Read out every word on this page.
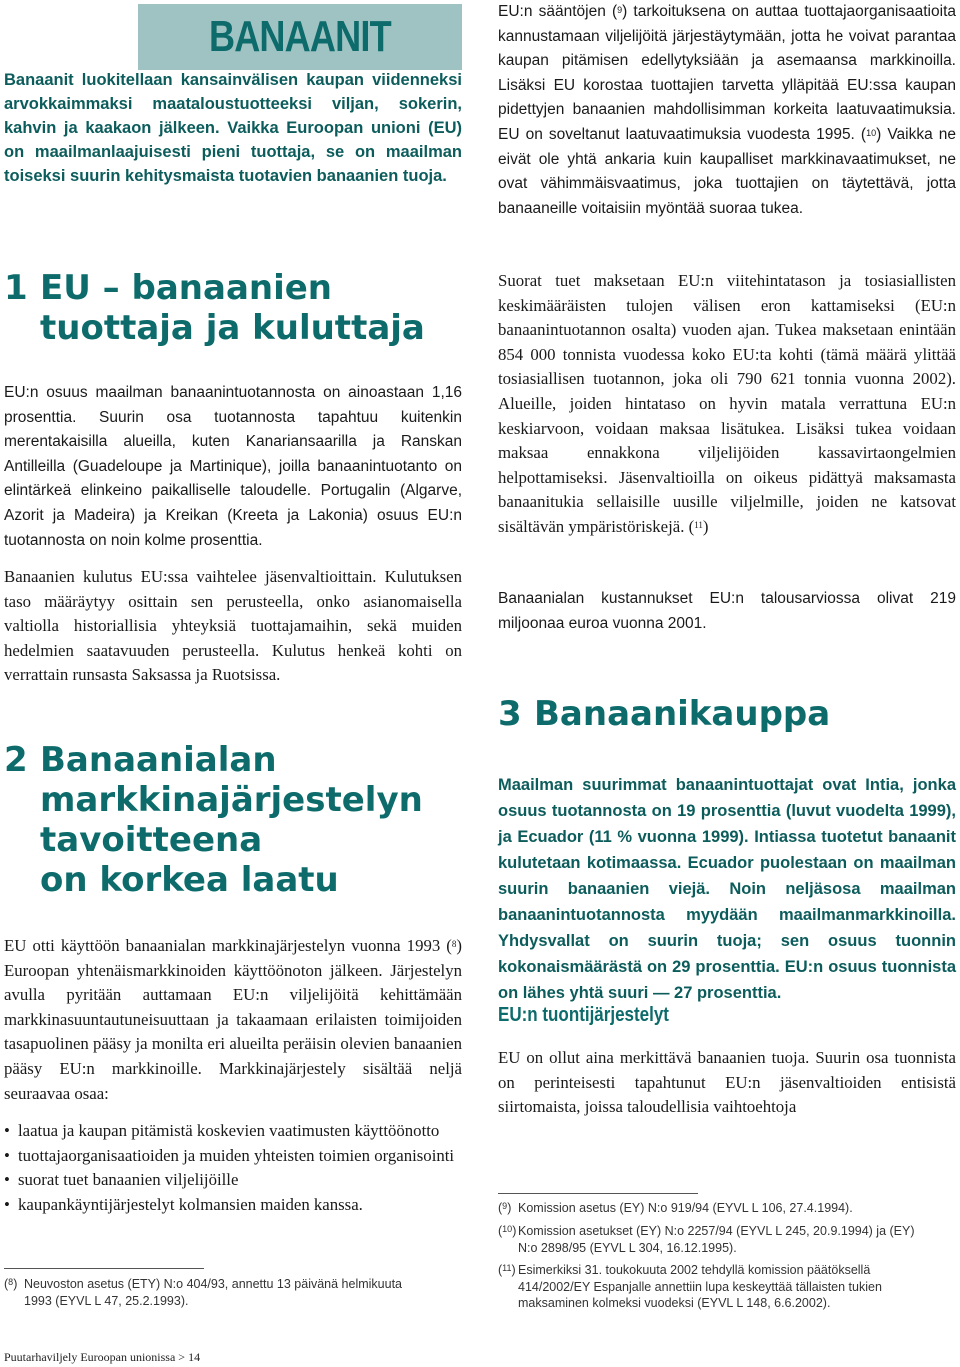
BANAANIT
Banaanit luokitellaan kansainvälisen kaupan viidenneksi arvokkaimmaksi maataloustuotteeksi viljan, sokerin, kahvin ja kaakaon jälkeen. Vaikka Euroopan unioni (EU) on maailmanlaajuisesti pieni tuottaja, se on maailman toiseksi suurin kehitysmaista tuotavien banaanien tuoja.
1 EU – banaanien
tuottaja ja kuluttaja
EU:n osuus maailman banaanintuotannosta on ainoastaan 1,16 prosenttia. Suurin osa tuotannosta tapahtuu kuitenkin merentakaisilla alueilla, kuten Kanariansaarilla ja Ranskan Antilleilla (Guadeloupe ja Martinique), joilla banaanintuotanto on elintärkeä elinkeino paikalliselle taloudelle. Portugalin (Algarve, Azorit ja Madeira) ja Kreikan (Kreeta ja Lakonia) osuus EU:n tuotannosta on noin kolme prosenttia.
Banaanien kulutus EU:ssa vaihtelee jäsenvaltioittain. Kulutuksen taso määräytyy osittain sen perusteella, onko asianomaisella valtiolla historiallisia yhteyksiä tuottajamaihin, sekä muiden hedelmien saatavuuden perusteella. Kulutus henkeä kohti on verrattain runsasta Saksassa ja Ruotsissa.
2 Banaanialan
markkinajärjestelyn
tavoitteena
on korkea laatu
EU otti käyttöön banaanialan markkinajärjestelyn vuonna 1993 ($^8$) Euroopan yhtenäismarkkinoiden käyttöönoton jälkeen. Järjestelyn avulla pyritään auttamaan EU:n viljelijöitä kehittämään markkinasuuntautuneisuuttaan ja takaamaan erilaisten toimijoiden tasapuolinen pääsy ja monilta eri alueilta peräisin olevien banaanien pääsy EU:n markkinoille. Markkinajärjestely sisältää neljä seuraavaa osaa:
• laatua ja kaupan pitämistä koskevien vaatimusten käyttöönotto
• tuottajaorganisaatioiden ja muiden yhteisten toimien organisointi
• suorat tuet banaanien viljelijöille
• kaupankäyntijärjestelyt kolmansien maiden kanssa.
($^8$) Neuvoston asetus (ETY) N:o 404/93, annettu 13 päivänä helmikuuta
1993 (EYVL L 47, 25.2.1993).
EU:n sääntöjen ($^9$) tarkoituksena on auttaa tuottajaorganisaatioita kannustamaan viljelijöitä järjestäytymään, jotta he voivat parantaa kaupan pitämisen edellytyksiään ja asemaansa markkinoilla. Lisäksi EU korostaa tuottajien tarvetta ylläpitää EU:ssa kaupan pidettyjen banaanien mahdollisimman korkeita laatuvaatimuksia. EU on soveltanut laatuvaatimuksia vuodesta 1995. ($^{10}$) Vaikka ne eivät ole yhtä ankaria kuin kaupalliset markkinavaatimukset, ne ovat vähimmäisvaatimus, joka tuottajien on täytettävä, jotta banaaneille voitaisiin myöntää suoraa tukea.
Suorat tuet maksetaan EU:n viitehintatason ja tosiasiallisten keskimääräisten tulojen välisen eron kattamiseksi (EU:n banaanintuotannon osalta) vuoden ajan. Tukea maksetaan enintään 854 000 tonnista vuodessa koko EU:ta kohti (tämä määrä ylittää tosiasiallisen tuotannon, joka oli 790 621 tonnia vuonna 2002). Alueille, joiden hintataso on hyvin matala verrattuna EU:n keskiarvoon, voidaan maksaa lisätukea. Lisäksi tukea voidaan maksaa ennakkona viljelijöiden kassavirtaongelmien helpottamiseksi. Jäsenvaltioilla on oikeus pidättyä maksamasta banaanitukia sellaisille uusille viljelmille, joiden ne katsovat sisältävän ympäristöriskejä. ($^{11}$)
Banaanialan kustannukset EU:n talousarviossa olivat 219 miljoonaa euroa vuonna 2001.
3 Banaanikauppa
Maailman suurimmat banaanintuottajat ovat Intia, jonka osuus tuotannosta on 19 prosenttia (luvut vuodelta 1999), ja Ecuador (11 % vuonna 1999). Intiassa tuotetut banaanit kulutetaan kotimaassa. Ecuador puolestaan on maailman suurin banaanien viejä. Noin neljäsosa maailman banaanintuotannosta myydään maailmanmarkkinoilla. Yhdysvallat on suurin tuoja; sen osuus tuonnin kokonaismäärästä on 29 prosenttia. EU:n osuus tuonnista on lähes yhtä suuri — 27 prosenttia.
EU:n tuontijärjestelyt
EU on ollut aina merkittävä banaanien tuoja. Suurin osa tuonnista on perinteisesti tapahtunut EU:n jäsenvaltioiden entisistä siirtomaista, joissa taloudellisia vaihtoehtoja
($^9$) Komission asetus (EY) N:o 919/94 (EYVL L 106, 27.4.1994).
($^{10}$) Komission asetukset (EY) N:o 2257/94 (EYVL L 245, 20.9.1994) ja (EY)
N:o 2898/95 (EYVL L 304, 16.12.1995).
($^{11}$) Esimerkiksi 31. toukokuuta 2002 tehdyllä komission päätöksellä
414/2002/EY Espanjalle annettiin lupa keskeyttää tällaisten tukien maksaminen kolmeksi vuodeksi (EYVL L 148, 6.6.2002).
Puutarhaviljely Euroopan unionissa > 14
